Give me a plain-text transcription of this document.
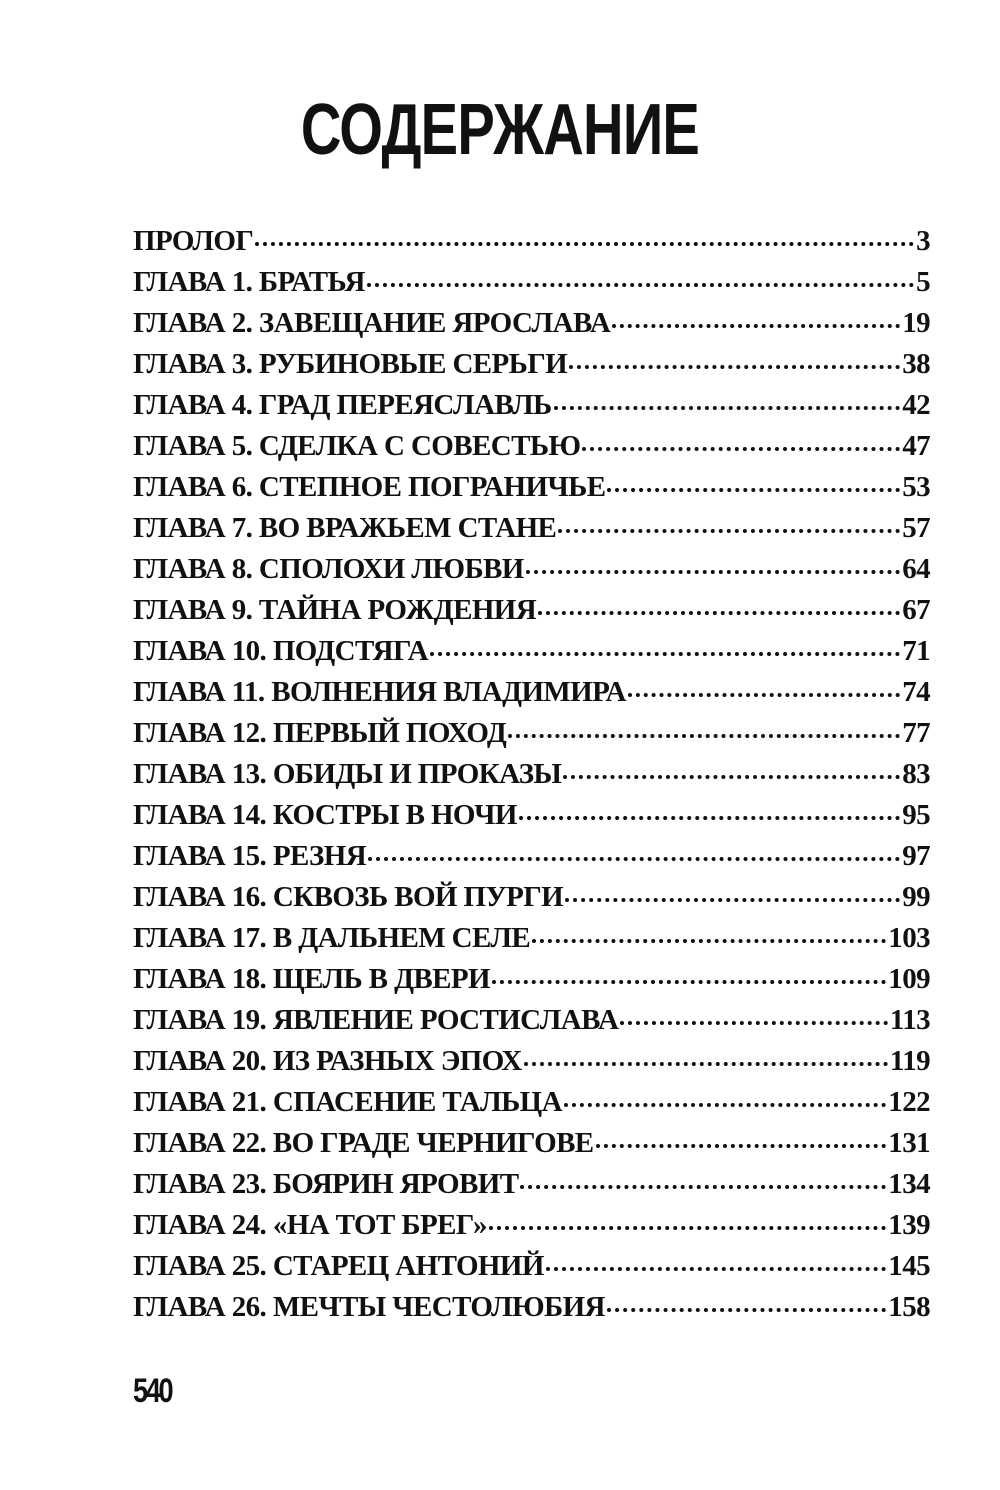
СОДЕРЖАНИЕ
ПРОЛОГ	3
ГЛАВА 1. БРАТЬЯ	5
ГЛАВА 2. ЗАВЕЩАНИЕ ЯРОСЛАВА	19
ГЛАВА 3. РУБИНОВЫЕ СЕРЬГИ	38
ГЛАВА 4. ГРАД ПЕРЕЯСЛАВЛЬ	42
ГЛАВА 5. СДЕЛКА С СОВЕСТЬЮ	47
ГЛАВА 6. СТЕПНОЕ ПОГРАНИЧЬЕ	53
ГЛАВА 7. ВО ВРАЖЬЕМ СТАНЕ	57
ГЛАВА 8. СПОЛОХИ ЛЮБВИ	64
ГЛАВА 9. ТАЙНА РОЖДЕНИЯ	67
ГЛАВА 10. ПОДСТЯГА	71
ГЛАВА 11. ВОЛНЕНИЯ ВЛАДИМИРА	74
ГЛАВА 12. ПЕРВЫЙ ПОХОД	77
ГЛАВА 13. ОБИДЫ И ПРОКАЗЫ	83
ГЛАВА 14. КОСТРЫ В НОЧИ	95
ГЛАВА 15. РЕЗНЯ	97
ГЛАВА 16. СКВОЗЬ ВОЙ ПУРГИ	99
ГЛАВА 17. В ДАЛЬНЕМ СЕЛЕ	103
ГЛАВА 18. ЩЕЛЬ В ДВЕРИ	109
ГЛАВА 19. ЯВЛЕНИЕ РОСТИСЛАВА	113
ГЛАВА 20. ИЗ РАЗНЫХ ЭПОХ	119
ГЛАВА 21. СПАСЕНИЕ ТАЛЬЦА	122
ГЛАВА 22. ВО ГРАДЕ ЧЕРНИГОВЕ	131
ГЛАВА 23. БОЯРИН ЯРОВИТ	134
ГЛАВА 24. «НА ТОТ БРЕГ»	139
ГЛАВА 25. СТАРЕЦ АНТОНИЙ	145
ГЛАВА 26. МЕЧТЫ ЧЕСТОЛЮБИЯ	158
540
